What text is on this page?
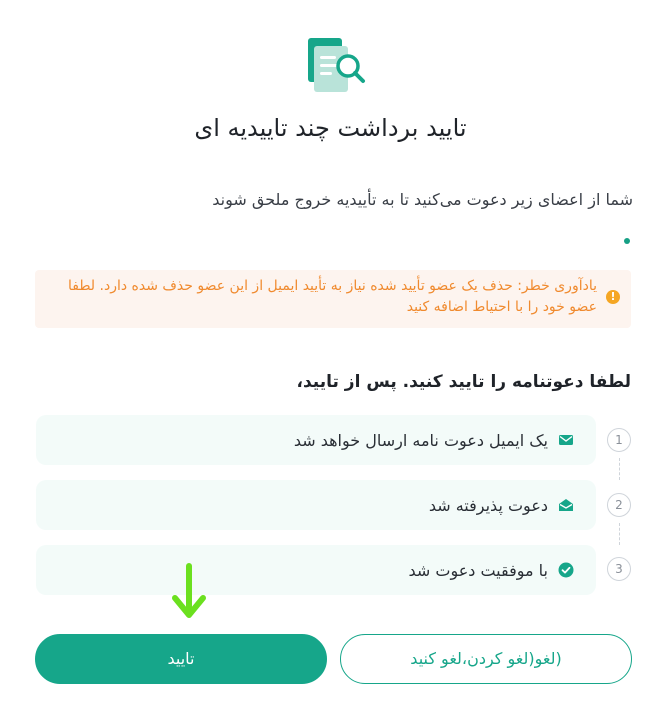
تایید برداشت چند تاییدیه ای

شما از اعضای زیر دعوت می‌کنید تا به تأییدیه خروج ملحق شوند

!
یادآوری خطر: حذف یک عضو تأیید شده نیاز به تأیید ایمیل از این عضو حذف شده دارد. لطفا عضو خود را با احتیاط اضافه کنید
لطفا دعوتنامه را تایید کنید. پس از تایید،
1
یک ایمیل دعوت نامه ارسال خواهد شد
2
دعوت پذیرفته شد
3
با موفقیت دعوت شد
تایید	(لغو(لغو کردن،لغو کنید
